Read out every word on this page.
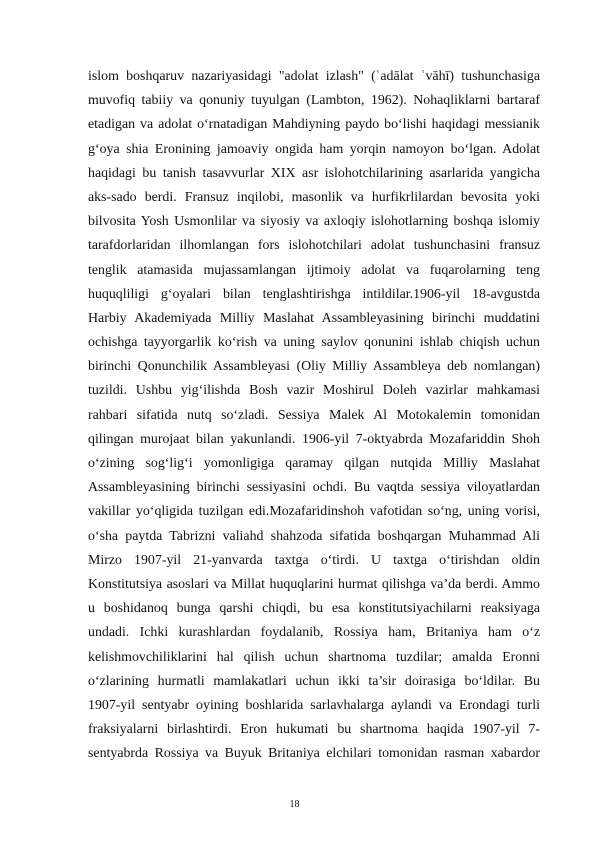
islom boshqaruv nazariyasidagi "adolat izlash" (ʿadālat ʿvāhī) tushunchasiga
muvofiq tabiiy va qonuniy tuyulgan (Lambton, 1962). Nohaqliklarni bartaraf
etadigan va adolat o‘rnatadigan Mahdiyning paydo bo‘lishi haqidagi messianik
g‘oya shia Eronining jamoaviy ongida ham yorqin namoyon bo‘lgan. Adolat
haqidagi bu tanish tasavvurlar XIX asr islohotchilarining asarlarida yangicha
aks-sado berdi. Fransuz inqilobi, masonlik va hurfikrlilardan bevosita yoki
bilvosita Yosh Usmonlilar va siyosiy va axloqiy islohotlarning boshqa islomiy
tarafdorlaridan ilhomlangan fors islohotchilari adolat tushunchasini fransuz
tenglik atamasida mujassamlangan ijtimoiy adolat va fuqarolarning teng
huquqliligi g‘oyalari bilan tenglashtirishga intildilar.1906-yil 18-avgustda
Harbiy Akademiyada Milliy Maslahat Assambleyasining birinchi muddatini
ochishga tayyorgarlik ko‘rish va uning saylov qonunini ishlab chiqish uchun
birinchi Qonunchilik Assambleyasi (Oliy Milliy Assambleya deb nomlangan)
tuzildi. Ushbu yig‘ilishda Bosh vazir Moshirul Doleh vazirlar mahkamasi
rahbari sifatida nutq so‘zladi. Sessiya Malek Al Motokalemin tomonidan
qilingan murojaat bilan yakunlandi. 1906-yil 7-oktyabrda Mozafariddin Shoh
o‘zining sog‘lig‘i yomonligiga qaramay qilgan nutqida Milliy Maslahat
Assambleyasining birinchi sessiyasini ochdi. Bu vaqtda sessiya viloyatlardan
vakillar yo‘qligida tuzilgan edi.Mozafaridinshoh vafotidan so‘ng, uning vorisi,
o‘sha paytda Tabrizni valiahd shahzoda sifatida boshqargan Muhammad Ali
Mirzo 1907-yil 21-yanvarda taxtga o‘tirdi. U taxtga o‘tirishdan oldin
Konstitutsiya asoslari va Millat huquqlarini hurmat qilishga va’da berdi. Ammo
u boshidanoq bunga qarshi chiqdi, bu esa konstitutsiyachilarni reaksiyaga
undadi. Ichki kurashlardan foydalanib, Rossiya ham, Britaniya ham o‘z
kelishmovchiliklarini hal qilish uchun shartnoma tuzdilar; amalda Eronni
o‘zlarining hurmatli mamlakatlari uchun ikki ta’sir doirasiga bo‘ldilar. Bu
1907-yil sentyabr oyining boshlarida sarlavhalarga aylandi va Erondagi turli
fraksiyalarni birlashtirdi. Eron hukumati bu shartnoma haqida 1907-yil 7-
sentyabrda Rossiya va Buyuk Britaniya elchilari tomonidan rasman xabardor
18
